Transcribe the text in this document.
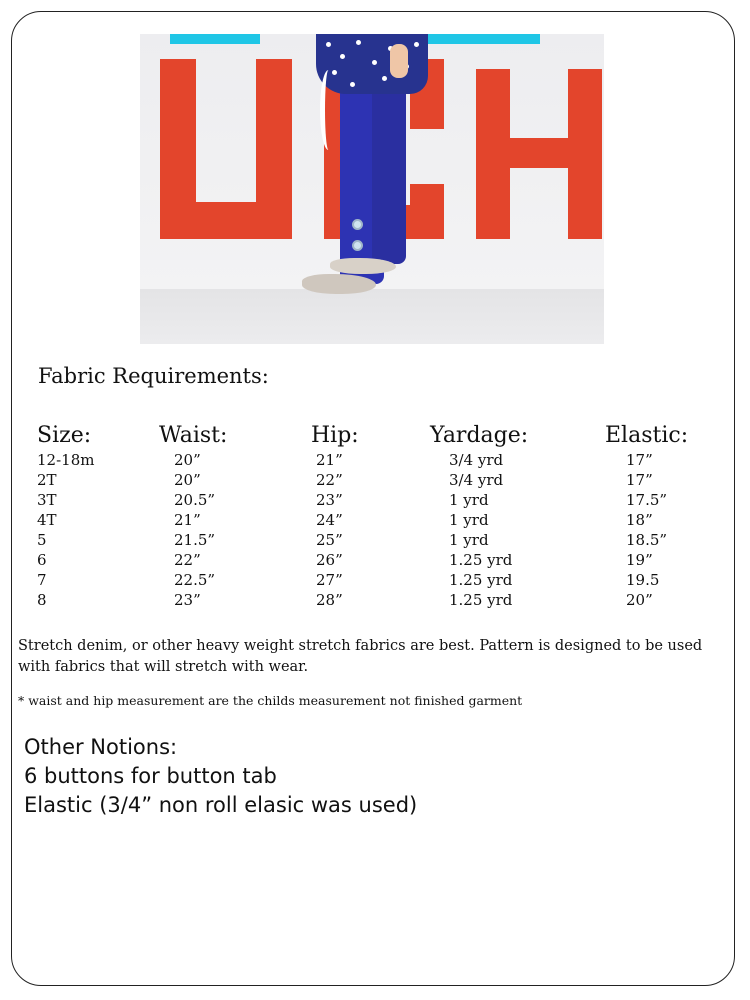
Fabric Requirements:
Size:	Waist:	Hip:	Yardage:	Elastic:
12-18m	20”	21”	3/4 yrd	17”
2T	20”	22”	3/4 yrd	17”
3T	20.5”	23”	1 yrd	17.5”
4T	21”	24”	1 yrd	18”
5	21.5”	25”	1 yrd	18.5”
6	22”	26”	1.25 yrd	19”
7	22.5”	27”	1.25 yrd	19.5
8	23”	28”	1.25 yrd	20”
Stretch denim, or other heavy weight stretch fabrics are best. Pattern is designed to be used with fabrics that will stretch with wear.
* waist and hip measurement are the childs measurement not finished garment
Other Notions:
6 buttons for button tab
Elastic (3/4” non roll elasic was used)
